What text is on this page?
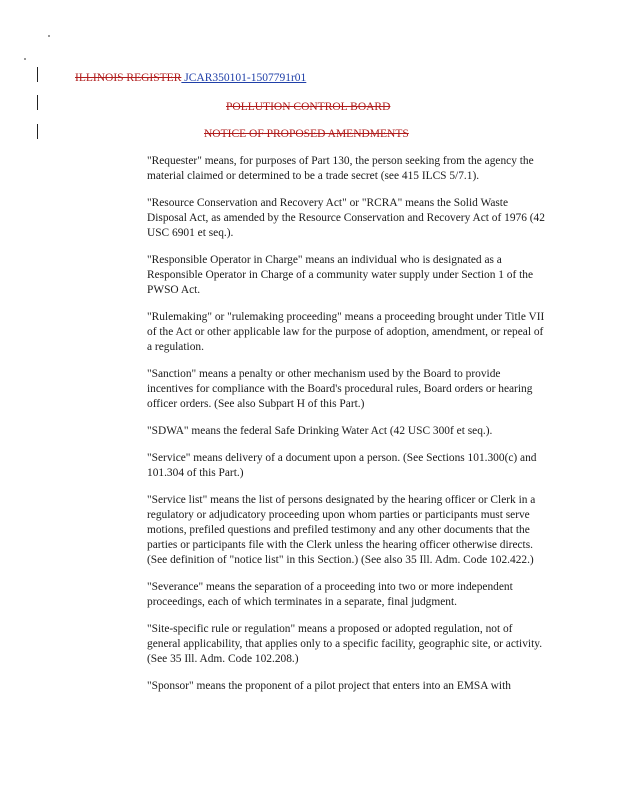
ILLINOIS REGISTER JCAR350101-1507791r01
POLLUTION CONTROL BOARD
NOTICE OF PROPOSED AMENDMENTS

"Requester" means, for purposes of Part 130, the person seeking from the agency the material claimed or determined to be a trade secret (see 415 ILCS 5/7.1).

"Resource Conservation and Recovery Act" or "RCRA" means the Solid Waste Disposal Act, as amended by the Resource Conservation and Recovery Act of 1976 (42 USC 6901 et seq.).

"Responsible Operator in Charge" means an individual who is designated as a Responsible Operator in Charge of a community water supply under Section 1 of the PWSO Act.

"Rulemaking" or "rulemaking proceeding" means a proceeding brought under Title VII of the Act or other applicable law for the purpose of adoption, amendment, or repeal of a regulation.

"Sanction" means a penalty or other mechanism used by the Board to provide incentives for compliance with the Board's procedural rules, Board orders or hearing officer orders. (See also Subpart H of this Part.)

"SDWA" means the federal Safe Drinking Water Act (42 USC 300f et seq.).

"Service" means delivery of a document upon a person. (See Sections 101.300(c) and 101.304 of this Part.)

"Service list" means the list of persons designated by the hearing officer or Clerk in a regulatory or adjudicatory proceeding upon whom parties or participants must serve motions, prefiled questions and prefiled testimony and any other documents that the parties or participants file with the Clerk unless the hearing officer otherwise directs. (See definition of "notice list" in this Section.) (See also 35 Ill. Adm. Code 102.422.)

"Severance" means the separation of a proceeding into two or more independent proceedings, each of which terminates in a separate, final judgment.

"Site-specific rule or regulation" means a proposed or adopted regulation, not of general applicability, that applies only to a specific facility, geographic site, or activity. (See 35 Ill. Adm. Code 102.208.)

"Sponsor" means the proponent of a pilot project that enters into an EMSA with
